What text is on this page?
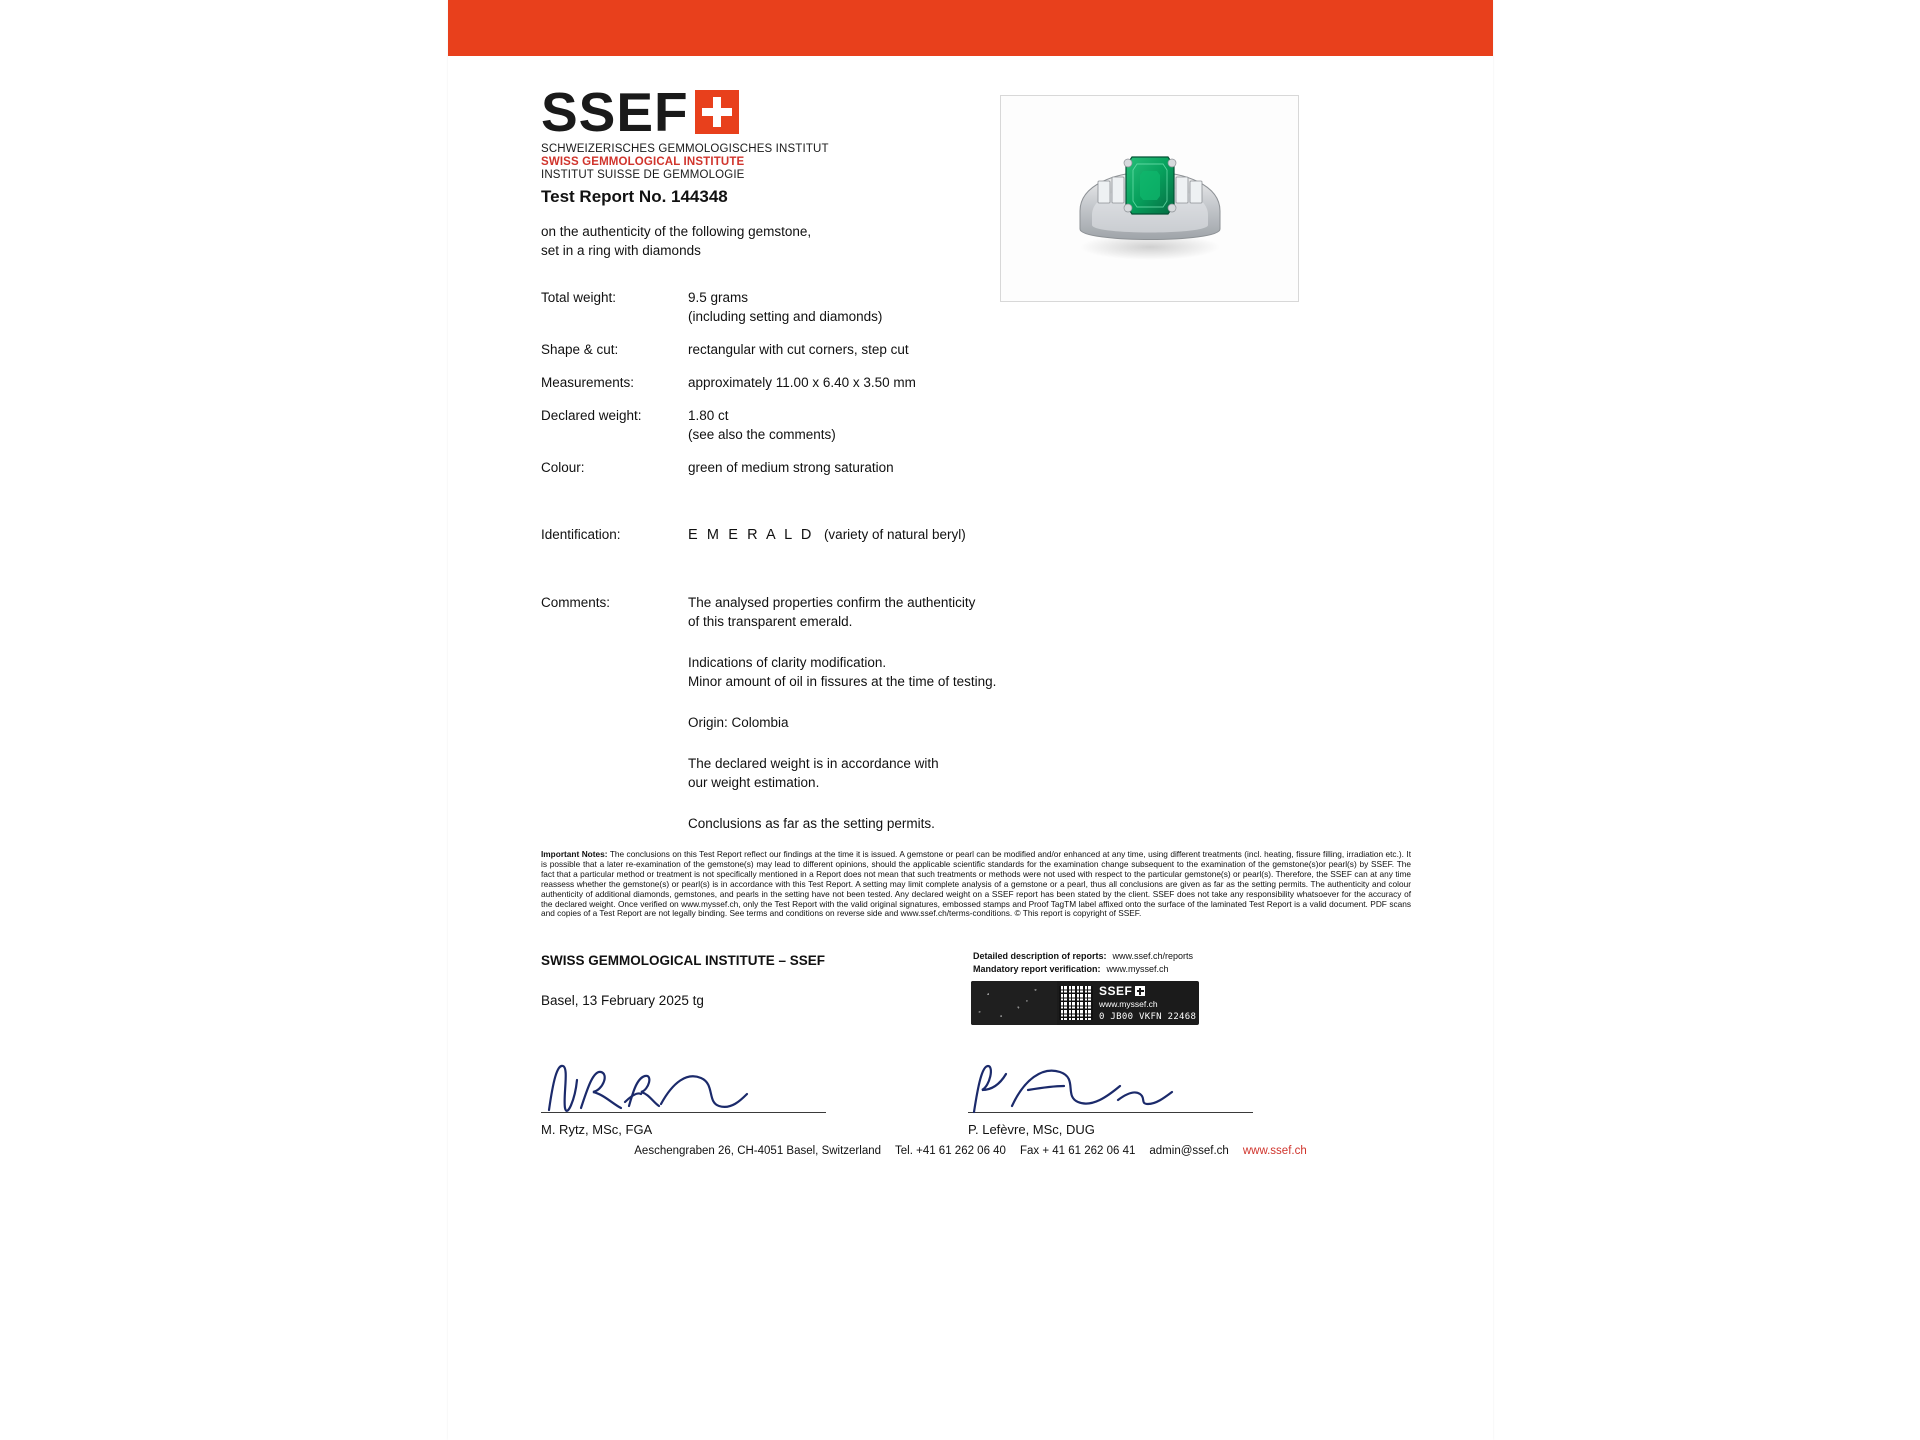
SSEF
SCHWEIZERISCHES GEMMOLOGISCHES INSTITUT
SWISS GEMMOLOGICAL INSTITUTE
INSTITUT SUISSE DE GEMMOLOGIE
Test Report No. 144348
on the authenticity of the following gemstone,
set in a ring with diamonds
Total weight:	9.5 grams
(including setting and diamonds)
Shape & cut:	rectangular with cut corners, step cut
Measurements:	approximately 11.00 x 6.40 x 3.50 mm
Declared weight:	1.80 ct
(see also the comments)
Colour:	green of medium strong saturation
Identification:	E M E R A L D (variety of natural beryl)
Comments:	The analysed properties confirm the authenticity
of this transparent emerald.

Indications of clarity modification.
Minor amount of oil in fissures at the time of testing.

Origin: Colombia

The declared weight is in accordance with
our weight estimation.

Conclusions as far as the setting permits.

Important Notes: The conclusions on this Test Report reflect our findings at the time it is issued. A gemstone or pearl can be modified and/or enhanced at any time, using different treatments (incl. heating, fissure filling, irradiation etc.). It is possible that a later re-examination of the gemstone(s) may lead to different opinions, should the applicable scientific standards for the examination change subsequent to the examination of the gemstone(s)or pearl(s) by SSEF. The fact that a particular method or treatment is not specifically mentioned in a Report does not mean that such treatments or methods were not used with respect to the particular gemstone(s) or pearl(s). Therefore, the SSEF can at any time reassess whether the gemstone(s) or pearl(s) is in accordance with this Test Report. A setting may limit complete analysis of a gemstone or a pearl, thus all conclusions are given as far as the setting permits. The authenticity and colour authenticity of additional diamonds, gemstones, and pearls in the setting have not been tested. Any declared weight on a SSEF report has been stated by the client. SSEF does not take any responsibility whatsoever for the accuracy of the declared weight. Once verified on www.myssef.ch, only the Test Report with the valid original signatures, embossed stamps and Proof TagTM label affixed onto the surface of the laminated Test Report is a valid document. PDF scans and copies of a Test Report are not legally binding. See terms and conditions on reverse side and www.ssef.ch/terms-conditions. © This report is copyright of SSEF.
SWISS GEMMOLOGICAL INSTITUTE – SSEF
Basel, 13 February 2025 tg
Detailed description of reports: www.ssef.ch/reports
Mandatory report verification: www.myssef.ch
SSEF
www.myssef.ch
0 JB00 VKFN 22468
M. Rytz, MSc, FGA	P. Lefèvre, MSc, DUG
Aeschengraben 26, CH-4051 Basel, Switzerland Tel. +41 61 262 06 40 Fax + 41 61 262 06 41 admin@ssef.ch www.ssef.ch
